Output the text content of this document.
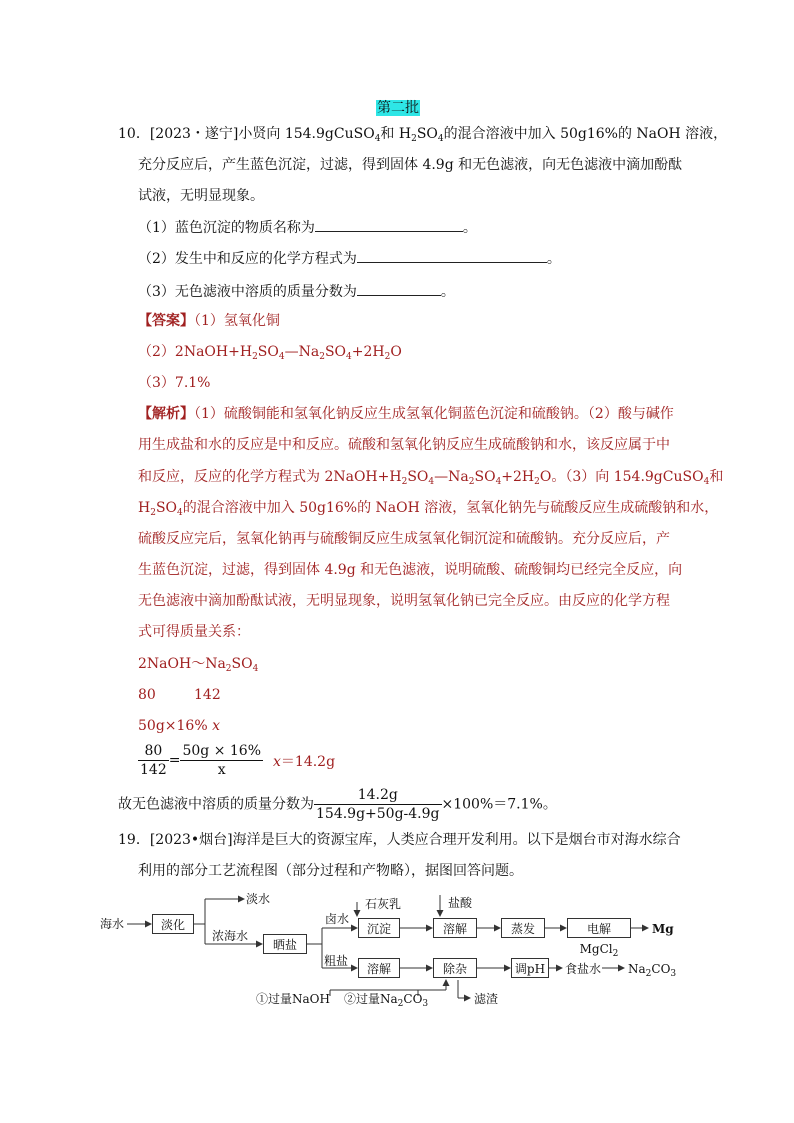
第二批
10．[2023・遂宁]小贤向 154.9gCuSO$_4$和 $H_2SO_4$的混合溶液中加入 50g16%的 NaOH 溶液，
充分反应后，产生蓝色沉淀，过滤，得到固体 4.9g 和无色滤液，向无色滤液中滴加酚酞
试液，无明显现象。
（1）蓝色沉淀的物质名称为	。
（2）发生中和反应的化学方程式为	。
（3）无色滤液中溶质的质量分数为	。
【答案】（1）氢氧化铜
$(2)2NaOH+H_2SO_4—Na_2SO_4+2H_2O$
（3）7.1%
【解析】（1）硫酸铜能和氢氧化钠反应生成氢氧化铜蓝色沉淀和硫酸钠。（2）酸与碱作
用生成盐和水的反应是中和反应。硫酸和氢氧化钠反应生成硫酸钠和水，该反应属于中
和反应，反应的化学方程式为 $2NaOH+H_2SO_4—Na_2SO_4+2H_2O$。（3）向 154.9gCuSO$_4$和
$H_2SO_4$的混合溶液中加入 50g16%的 NaOH 溶液，氢氧化钠先与硫酸反应生成硫酸钠和水，
硫酸反应完后，氢氧化钠再与硫酸铜反应生成氢氧化铜沉淀和硫酸钠。充分反应后，产
生蓝色沉淀，过滤，得到固体 4.9g 和无色滤液，说明硫酸、硫酸铜均已经完全反应，向
无色滤液中滴加酚酞试液，无明显现象，说明氢氧化钠已完全反应。由反应的化学方程
式可得质量关系：
$2NaOH\sim Na_2SO_4$
80	142
50g×16% x
$\frac{80}{142} = \frac{50g \times 16\%}{x} x=14.2g$
故无色滤液中溶质的质量分数为 $\frac{14.2g}{154.9g+50g-4.9g} \times 100\%=7.1\%$。
19．[2023•烟台]海洋是巨大的资源宝库，人类应合理开发利用。以下是烟台市对海水综合
利用的部分工艺流程图（部分过程和产物略），据图回答问题。
海水	淡化
淡水
浓海水
晒盐
卤水
石灰乳
沉淀
盐酸
溶解	蒸发	电解MgCl$_2$
Mg
粗盐
溶解	除杂	调pH	食盐水 $Na_2CO_3$
①过量NaOH ②过量$Na_2CO_3$	滤渣
